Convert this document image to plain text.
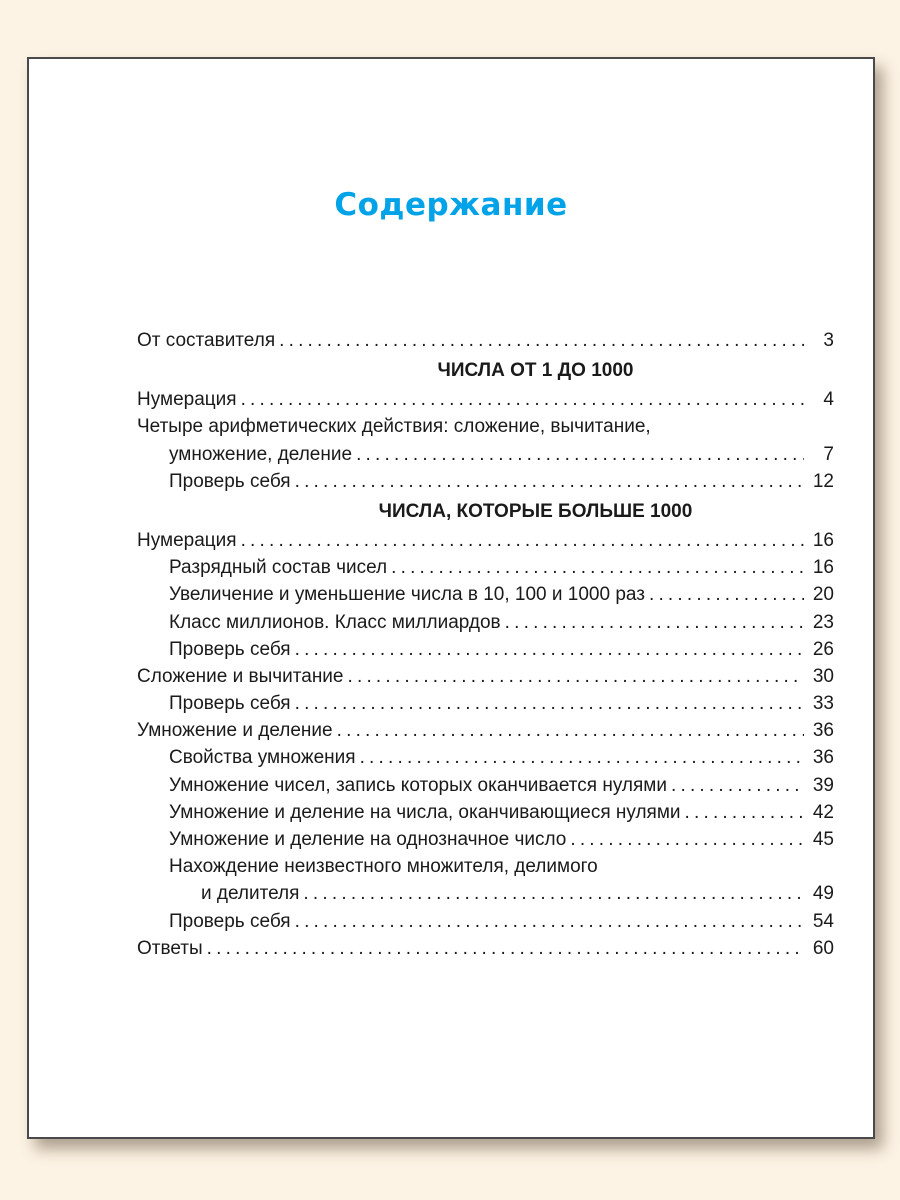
Содержание
От составителя .....	3
ЧИСЛА ОТ 1 ДО 1000
Нумерация .....	4
Четыре арифметических действия: сложение, вычитание,
умножение, деление .....	7
Проверь себя .....	12
ЧИСЛА, КОТОРЫЕ БОЛЬШЕ 1000
Нумерация .....	16
Разрядный состав чисел .....	16
Увеличение и уменьшение числа в 10, 100 и 1000 раз .....	20
Класс миллионов. Класс миллиардов .....	23
Проверь себя .....	26
Сложение и вычитание .....	30
Проверь себя .....	33
Умножение и деление .....	36
Свойства умножения .....	36
Умножение чисел, запись которых оканчивается нулями .....	39
Умножение и деление на числа, оканчивающиеся нулями .....	42
Умножение и деление на однозначное число .....	45
Нахождение неизвестного множителя, делимого
и делителя .....	49
Проверь себя .....	54
Ответы .....	60
